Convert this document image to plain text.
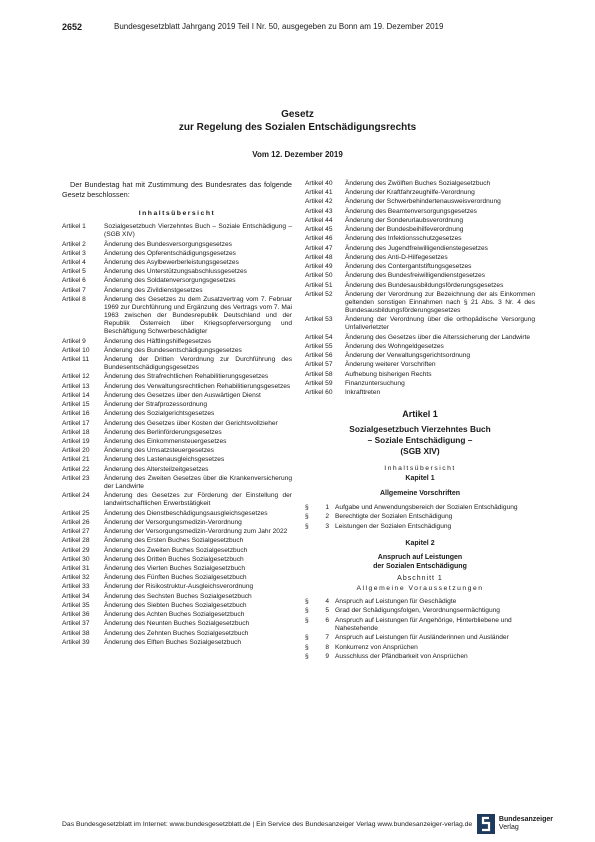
2652	Bundesgesetzblatt Jahrgang 2019 Teil I Nr. 50, ausgegeben zu Bonn am 19. Dezember 2019
Gesetz
zur Regelung des Sozialen Entschädigungsrechts
Vom 12. Dezember 2019

Der Bundestag hat mit Zustimmung des Bundesrates das folgende Gesetz beschlossen:

Inhaltsübersicht
Artikel 1	Sozialgesetzbuch Vierzehntes Buch – Soziale Entschädigung – (SGB XIV)
Artikel 2	Änderung des Bundesversorgungsgesetzes
Artikel 3	Änderung des Opferentschädigungsgesetzes
Artikel 4	Änderung des Asylbewerberleistungsgesetzes
Artikel 5	Änderung des Unterstützungsabschlussgesetzes
Artikel 6	Änderung des Soldatenversorgungsgesetzes
Artikel 7	Änderung des Zivildienstgesetzes
Artikel 8	Änderung des Gesetzes zu dem Zusatzvertrag vom 7. Februar 1969 zur Durchführung und Ergänzung des Vertrags vom 7. Mai 1963 zwischen der Bundesrepublik Deutschland und der Republik Österreich über Kriegsopferversorgung und Beschäftigung Schwerbeschädigter
Artikel 9	Änderung des Häftlingshilfegesetzes
Artikel 10	Änderung des Bundesentschädigungsgesetzes
Artikel 11	Änderung der Dritten Verordnung zur Durchführung des Bundesentschädigungsgesetzes
Artikel 12	Änderung des Strafrechtlichen Rehabilitierungsgesetzes
Artikel 13	Änderung des Verwaltungsrechtlichen Rehabilitierungsgesetzes
Artikel 14	Änderung des Gesetzes über den Auswärtigen Dienst
Artikel 15	Änderung der Strafprozessordnung
Artikel 16	Änderung des Sozialgerichtsgesetzes
Artikel 17	Änderung des Gesetzes über Kosten der Gerichtsvollzieher
Artikel 18	Änderung des Berlinförderungsgesetzes
Artikel 19	Änderung des Einkommensteuergesetzes
Artikel 20	Änderung des Umsatzsteuergesetzes
Artikel 21	Änderung des Lastenausgleichsgesetzes
Artikel 22	Änderung des Altersteilzeitgesetzes
Artikel 23	Änderung des Zweiten Gesetzes über die Krankenversicherung der Landwirte
Artikel 24	Änderung des Gesetzes zur Förderung der Einstellung der landwirtschaftlichen Erwerbstätigkeit
Artikel 25	Änderung des Dienstbeschädigungsausgleichsgesetzes
Artikel 26	Änderung der Versorgungsmedizin-Verordnung
Artikel 27	Änderung der Versorgungsmedizin-Verordnung zum Jahr 2022
Artikel 28	Änderung des Ersten Buches Sozialgesetzbuch
Artikel 29	Änderung des Zweiten Buches Sozialgesetzbuch
Artikel 30	Änderung des Dritten Buches Sozialgesetzbuch
Artikel 31	Änderung des Vierten Buches Sozialgesetzbuch
Artikel 32	Änderung des Fünften Buches Sozialgesetzbuch
Artikel 33	Änderung der Risikostruktur-Ausgleichsverordnung
Artikel 34	Änderung des Sechsten Buches Sozialgesetzbuch
Artikel 35	Änderung des Siebten Buches Sozialgesetzbuch
Artikel 36	Änderung des Achten Buches Sozialgesetzbuch
Artikel 37	Änderung des Neunten Buches Sozialgesetzbuch
Artikel 38	Änderung des Zehnten Buches Sozialgesetzbuch
Artikel 39	Änderung des Elften Buches Sozialgesetzbuch
Artikel 40	Änderung des Zwölften Buches Sozialgesetzbuch
Artikel 41	Änderung der Kraftfahrzeughilfe-Verordnung
Artikel 42	Änderung der Schwerbehindertenausweisverordnung
Artikel 43	Änderung des Beamtenversorgungsgesetzes
Artikel 44	Änderung der Sonderurlaubsverordnung
Artikel 45	Änderung der Bundesbeihilfeverordnung
Artikel 46	Änderung des Infektionsschutzgesetzes
Artikel 47	Änderung des Jugendfreiwilligendienstegesetzes
Artikel 48	Änderung des Anti-D-Hilfegesetzes
Artikel 49	Änderung des Contergantstiftungsgesetzes
Artikel 50	Änderung des Bundesfreiwilligendienstgesetzes
Artikel 51	Änderung des Bundesausbildungsförderungsgesetzes
Artikel 52	Änderung der Verordnung zur Bezeichnung der als Einkommen geltenden sonstigen Einnahmen nach § 21 Abs. 3 Nr. 4 des Bundesausbildungsförderungsgesetzes
Artikel 53	Änderung der Verordnung über die orthopädische Versorgung Unfallverletzter
Artikel 54	Änderung des Gesetzes über die Alterssicherung der Landwirte
Artikel 55	Änderung des Wohngeldgesetzes
Artikel 56	Änderung der Verwaltungsgerichtsordnung
Artikel 57	Änderung weiterer Vorschriften
Artikel 58	Aufhebung bisherigen Rechts
Artikel 59	Finanzuntersuchung
Artikel 60	Inkrafttreten
Artikel 1
Sozialgesetzbuch Vierzehntes Buch
– Soziale Entschädigung –
(SGB XIV)
Inhaltsübersicht
Kapitel 1
Allgemeine Vorschriften
§	1 Aufgabe und Anwendungsbereich der Sozialen Entschädigung
§	2 Berechtigte der Sozialen Entschädigung
§	3 Leistungen der Sozialen Entschädigung
Kapitel 2
Anspruch auf Leistungen
der Sozialen Entschädigung
Abschnitt 1
Allgemeine Voraussetzungen
§	4 Anspruch auf Leistungen für Geschädigte
§	5 Grad der Schädigungsfolgen, Verordnungsermächtigung
§	6 Anspruch auf Leistungen für Angehörige, Hinterbliebene und Nahestehende
§	7 Anspruch auf Leistungen für Ausländerinnen und Ausländer
§	8 Konkurrenz von Ansprüchen
§	9 Ausschluss der Pfändbarkeit von Ansprüchen
Das Bundesgesetzblatt im Internet: www.bundesgesetzblatt.de | Ein Service des Bundesanzeiger Verlag www.bundesanzeiger-verlag.de
Bundesanzeiger
Verlag
